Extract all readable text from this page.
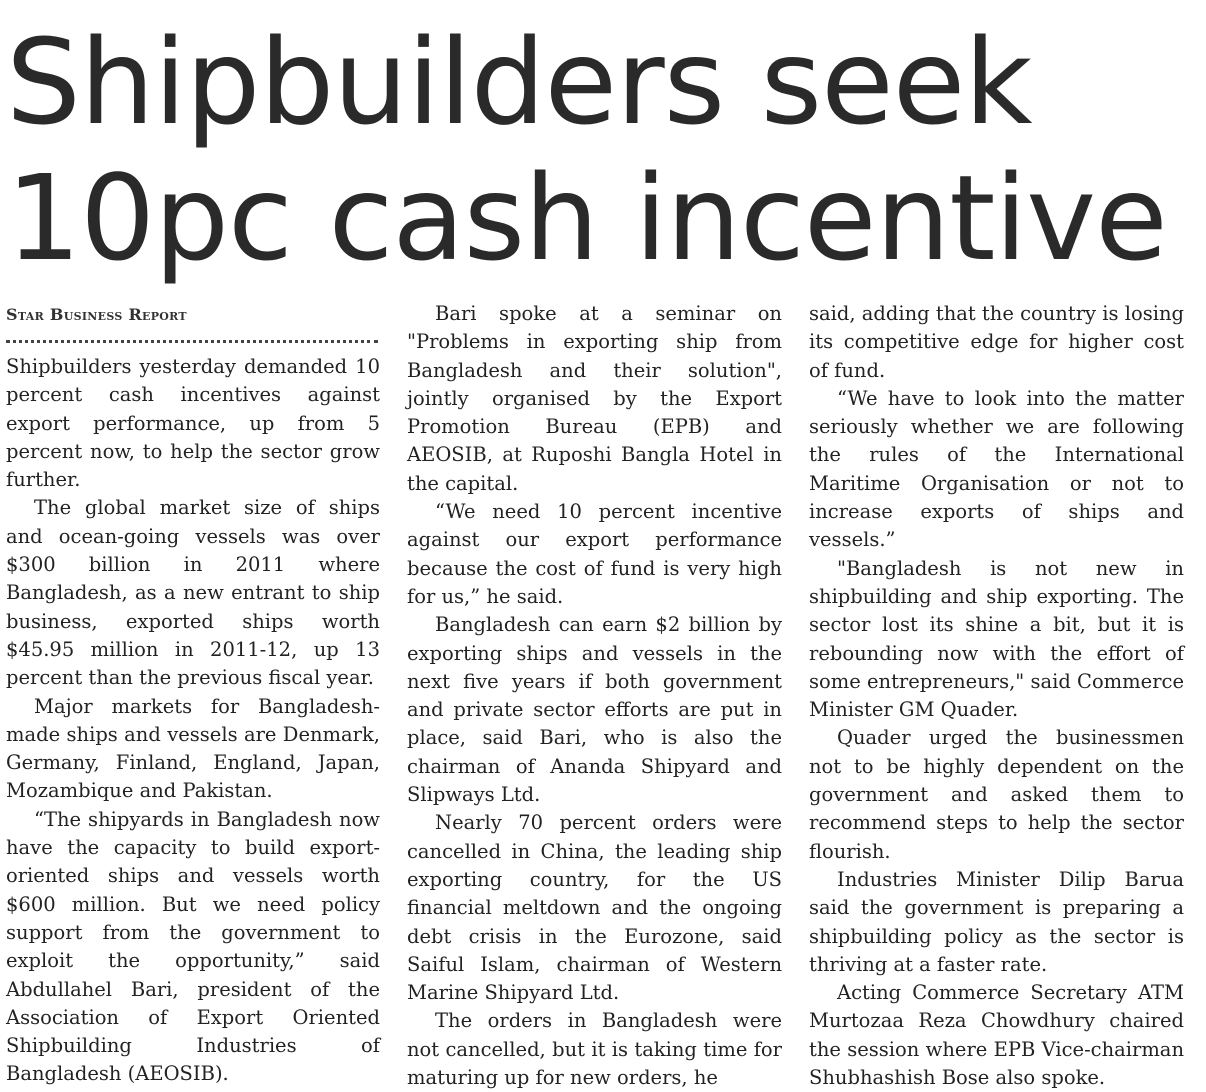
Shipbuilders seek
10pc cash incentive
Star Business Report

Shipbuilders yesterday demanded 10 percent cash incentives against export performance, up from 5 percent now, to help the sector grow further.

The global market size of ships and ocean-going vessels was over $300 billion in 2011 where Bangladesh, as a new entrant to ship business, exported ships worth $45.95 million in 2011-12, up 13 percent than the previous fiscal year.

Major markets for Bangladesh-made ships and vessels are Denmark, Germany, Finland, England, Japan, Mozambique and Pakistan.

“The shipyards in Bangladesh now have the capacity to build export-oriented ships and vessels worth $600 million. But we need policy support from the government to exploit the opportunity,” said Abdullahel Bari, president of the Association of Export Oriented Shipbuilding Industries of Bangladesh (AEOSIB).

Bari spoke at a seminar on "Problems in exporting ship from Bangladesh and their solution", jointly organised by the Export Promotion Bureau (EPB) and AEOSIB, at Ruposhi Bangla Hotel in the capital.

“We need 10 percent incentive against our export performance because the cost of fund is very high for us,” he said.

Bangladesh can earn $2 billion by exporting ships and vessels in the next five years if both government and private sector efforts are put in place, said Bari, who is also the chairman of Ananda Shipyard and Slipways Ltd.

Nearly 70 percent orders were cancelled in China, the leading ship exporting country, for the US financial meltdown and the ongoing debt crisis in the Eurozone, said Saiful Islam, chairman of Western Marine Shipyard Ltd.

The orders in Bangladesh were not cancelled, but it is taking time for maturing up for new orders, he

said, adding that the country is losing its competitive edge for higher cost of fund.

“We have to look into the matter seriously whether we are following the rules of the International Maritime Organisation or not to increase exports of ships and vessels.”

"Bangladesh is not new in shipbuilding and ship exporting. The sector lost its shine a bit, but it is rebounding now with the effort of some entrepreneurs," said Commerce Minister GM Quader.

Quader urged the businessmen not to be highly dependent on the government and asked them to recommend steps to help the sector flourish.

Industries Minister Dilip Barua said the government is preparing a shipbuilding policy as the sector is thriving at a faster rate.

Acting Commerce Secretary ATM Murtozaa Reza Chowdhury chaired the session where EPB Vice-chairman Shubhashish Bose also spoke.
